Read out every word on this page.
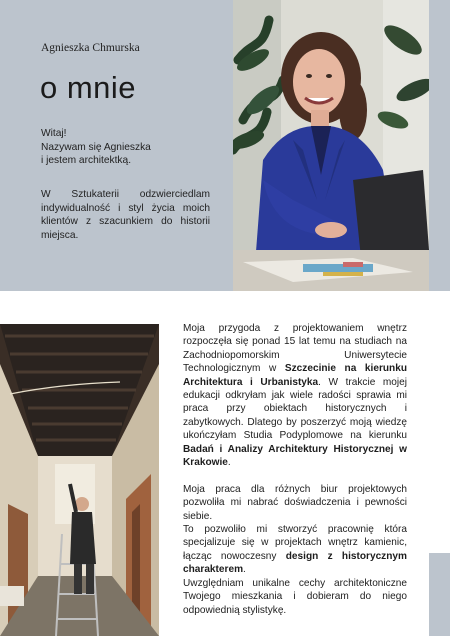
Agnieszka Chmurska
o mnie
Witaj!
Nazywam się Agnieszka
i jestem architektką.
W Sztukaterii odzwierciedlam indywidualność i styl życia moich klientów z szacunkiem do historii miejsca.

Moja przygoda z projektowaniem wnętrz rozpoczęła się ponad 15 lat temu na studiach na Zachodniopomorskim Uniwersytecie Technologicznym w Szczecinie na kierunku Architektura i Urbanistyka. W trakcie mojej edukacji odkryłam jak wiele radości sprawia mi praca przy obiektach historycznych i zabytkowych. Dlatego by poszerzyć moją wiedzę ukończyłam Studia Podyplomowe na kierunku Badań i Analizy Architektury Historycznej w Krakowie.

Moja praca dla różnych biur projektowych pozwoliła mi nabrać doświadczenia i pewności siebie.

To pozwoliło mi stworzyć pracownię która specjalizuje się w projektach wnętrz kamienic, łącząc nowoczesny design z historycznym charakterem.

Uwzględniam unikalne cechy architektoniczne Twojego mieszkania i dobieram do niego odpowiednią stylistykę.
